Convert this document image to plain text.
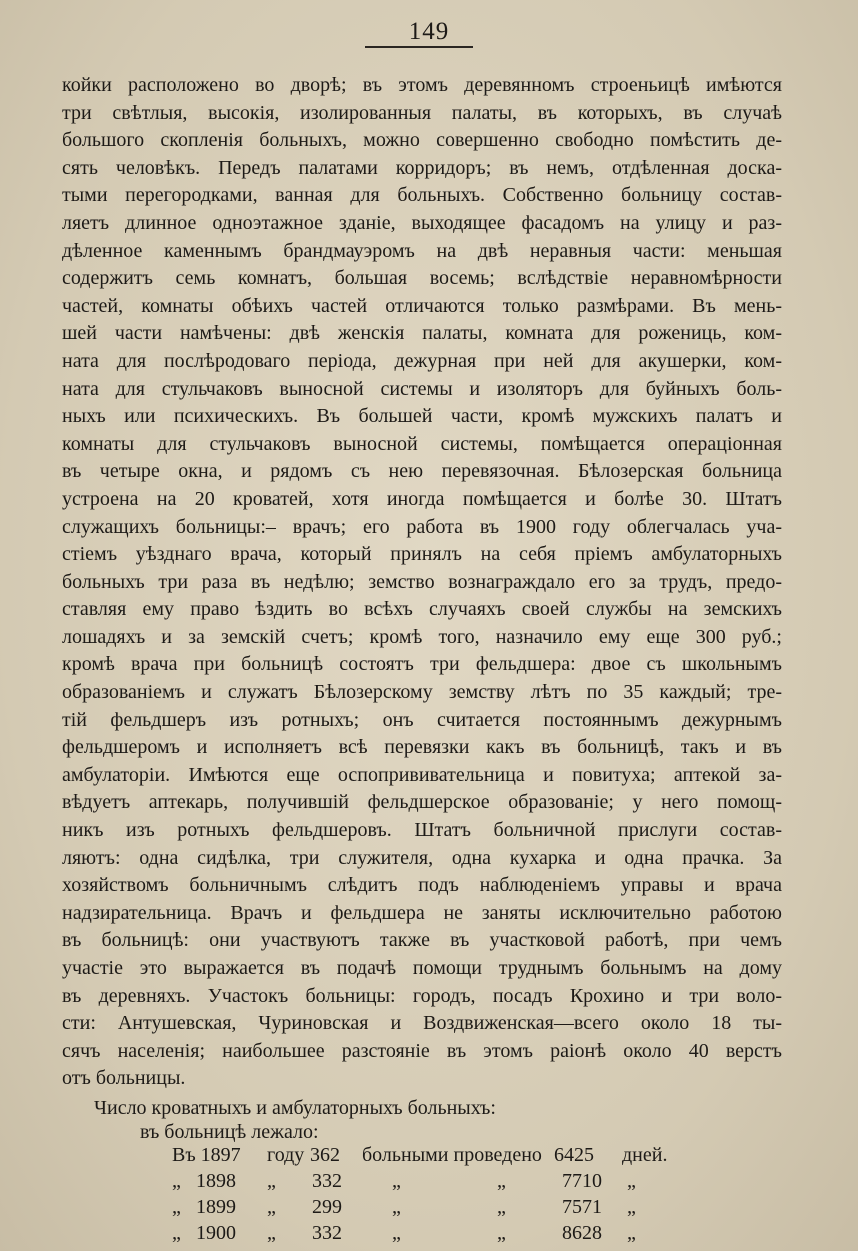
149
койки расположено во дворѣ; въ этомъ деревянномъ строеньицѣ имѣются
три свѣтлыя, высокія, изолированныя палаты, въ которыхъ, въ случаѣ
большого скопленія больныхъ, можно совершенно свободно помѣстить де-
сять человѣкъ. Передъ палатами корридоръ; въ немъ, отдѣленная доска-
тыми перегородками, ванная для больныхъ. Собственно больницу состав-
ляетъ длинное одноэтажное зданіе, выходящее фасадомъ на улицу и раз-
дѣленное каменнымъ брандмауэромъ на двѣ неравныя части: меньшая
содержитъ семь комнатъ, большая восемь; вслѣдствіе неравномѣрности
частей, комнаты обѣихъ частей отличаются только размѣрами. Въ мень-
шей части намѣчены: двѣ женскія палаты, комната для рожениць, ком-
ната для послѣродоваго періода, дежурная при ней для акушерки, ком-
ната для стульчаковъ выносной системы и изоляторъ для буйныхъ боль-
ныхъ или психическихъ. Въ большей части, кромѣ мужскихъ палатъ и
комнаты для стульчаковъ выносной системы, помѣщается операціонная
въ четыре окна, и рядомъ съ нею перевязочная. Бѣлозерская больница
устроена на 20 кроватей, хотя иногда помѣщается и болѣе 30. Штатъ
служащихъ больницы:– врачъ; его работа въ 1900 году облегчалась уча-
стіемъ уѣзднаго врача, который принялъ на себя пріемъ амбулаторныхъ
больныхъ три раза въ недѣлю; земство вознаграждало его за трудъ, предо-
ставляя ему право ѣздить во всѣхъ случаяхъ своей службы на земскихъ
лошадяхъ и за земскій счетъ; кромѣ того, назначило ему еще 300 руб.;
кромѣ врача при больницѣ состоятъ три фельдшера: двое съ школьнымъ
образованіемъ и служатъ Бѣлозерскому земству лѣтъ по 35 каждый; тре-
тій фельдшеръ изъ ротныхъ; онъ считается постояннымъ дежурнымъ
фельдшеромъ и исполняетъ всѣ перевязки какъ въ больницѣ, такъ и въ
амбулаторіи. Имѣются еще оспопрививательница и повитуха; аптекой за-
вѣдуетъ аптекарь, получившій фельдшерское образованіе; у него помощ-
никъ изъ ротныхъ фельдшеровъ. Штатъ больничной прислуги состав-
ляютъ: одна сидѣлка, три служителя, одна кухарка и одна прачка. За
хозяйствомъ больничнымъ слѣдитъ подъ наблюденіемъ управы и врача
надзирательница. Врачъ и фельдшера не заняты исключительно работою
въ больницѣ: они участвуютъ также въ участковой работѣ, при чемъ
участіе это выражается въ подачѣ помощи труднымъ больнымъ на дому
въ деревняхъ. Участокъ больницы: городъ, посадъ Крохино и три воло-
сти: Антушевская, Чуриновская и Воздвиженская—всего около 18 ты-
сячъ населенія; наибольшее разстояніе въ этомъ раіонѣ около 40 верстъ
отъ больницы.
Число кроватныхъ и амбулаторныхъ больныхъ:
въ больницѣ лежало:
Въ 1897 году 362 больными проведено 6425 дней.
„ 1898 „ 332	„	„	7710 „
„ 1899 „ 299	„	„	7571 „
„ 1900 „ 332	„	„	8628 „
